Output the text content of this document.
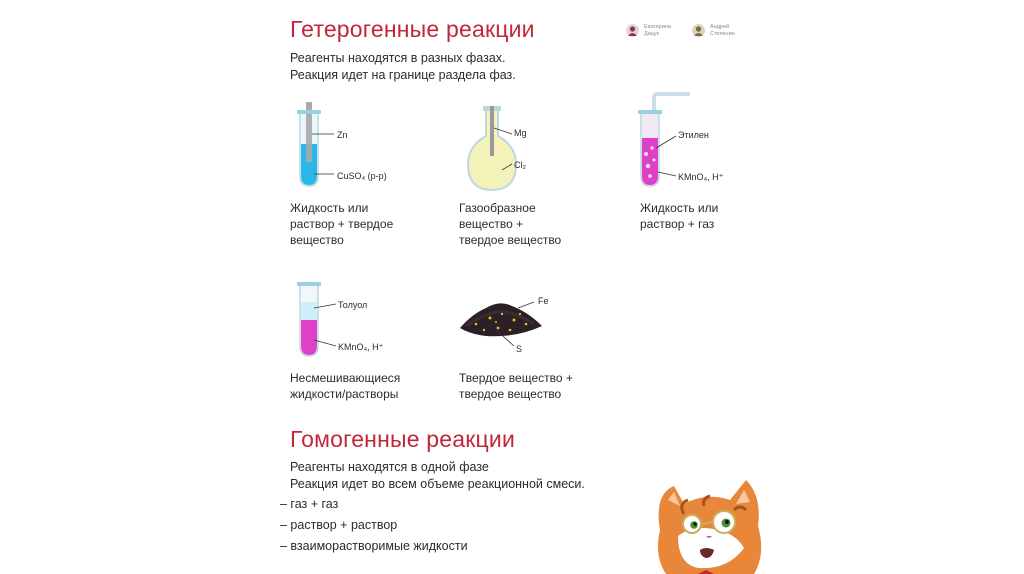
Гетерогенные реакции	Екатерина
Дацук
Андрей
Степенин
Реагенты находятся в разных фазах.
Реакция идет на границе раздела фаз.
Zn
CuSO₄ (р-р)
Жидкость или
раствор + твердое
вещество
Mg
Cl₂
Газообразное
вещество +
твердое вещество
Этилен
KMnO₄, H⁺
Жидкость или
раствор + газ
Толуол
KMnO₄, H⁺
Несмешивающиеся
жидкости/растворы
Fe
S
Твердое вещество +
твердое вещество
Гомогенные реакции
Реагенты находятся в одной фазе
Реакция идет во всем объеме реакционной смеси.
– газ + газ
– раствор + раствор
– взаиморастворимые жидкости
